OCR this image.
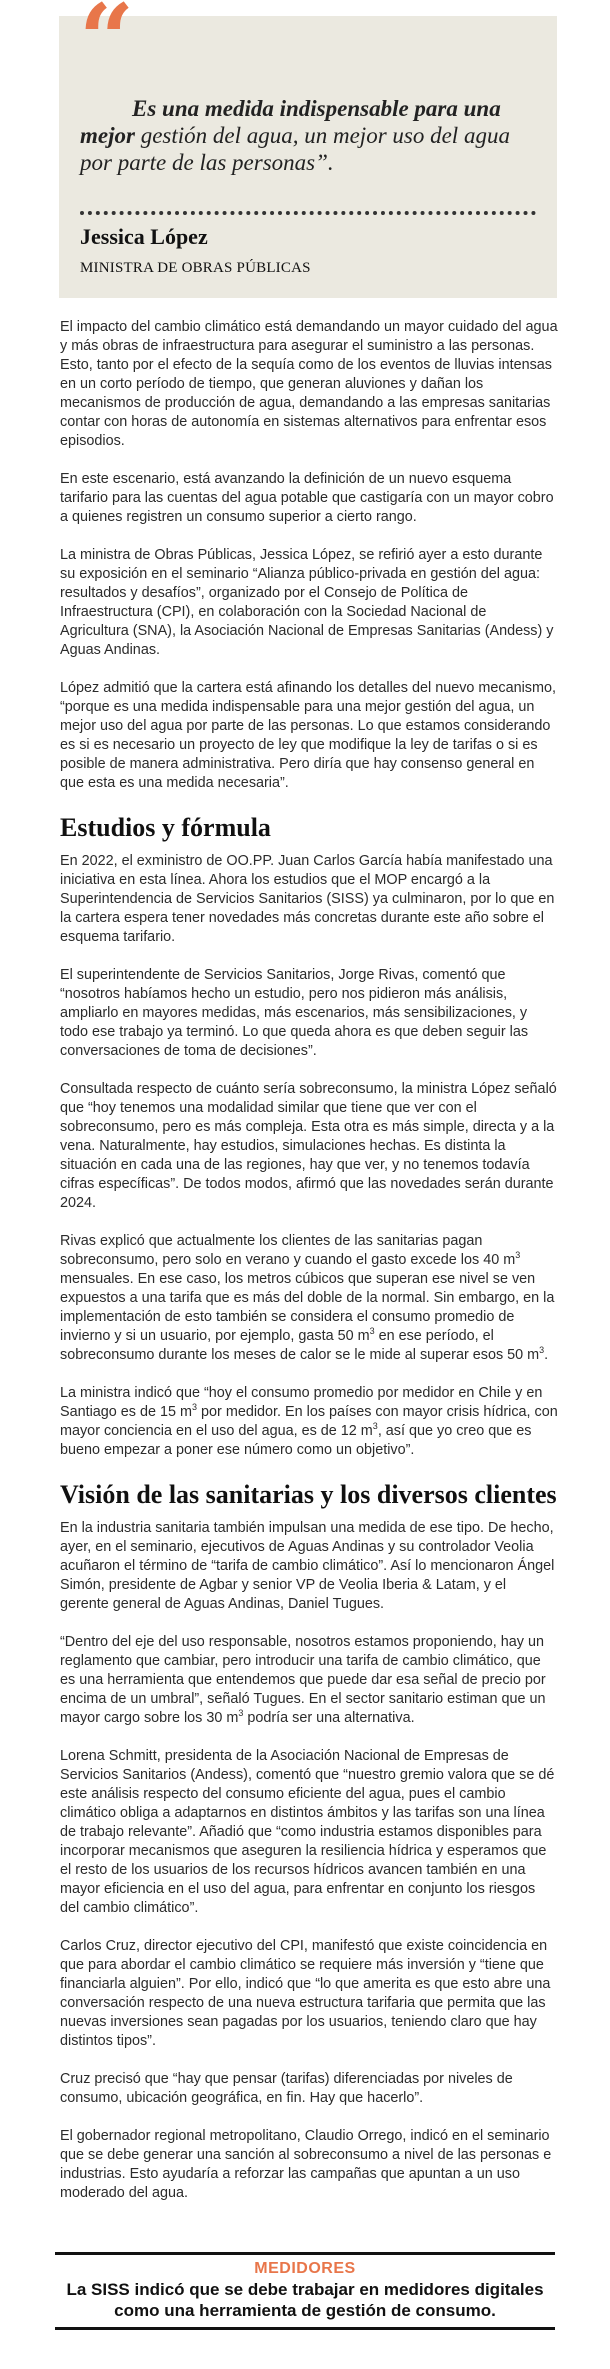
“
Es una medida indispensable para una mejor gestión del agua, un mejor uso del agua por parte de las personas”.
Jessica López
MINISTRA DE OBRAS PÚBLICAS

El impacto del cambio climático está demandando un mayor cuidado del agua y más obras de infraestructura para asegurar el suministro a las personas. Esto, tanto por el efecto de la sequía como de los eventos de lluvias intensas en un corto período de tiempo, que generan aluviones y dañan los mecanismos de producción de agua, demandando a las empresas sanitarias contar con horas de autonomía en sistemas alternativos para enfrentar esos episodios.

En este escenario, está avanzando la definición de un nuevo esquema tarifario para las cuentas del agua potable que castigaría con un mayor cobro a quienes registren un consumo superior a cierto rango.

La ministra de Obras Públicas, Jessica López, se refirió ayer a esto durante su exposición en el seminario “Alianza público-privada en gestión del agua: resultados y desafíos”, organizado por el Consejo de Política de Infraestructura (CPI), en colaboración con la Sociedad Nacional de Agricultura (SNA), la Asociación Nacional de Empresas Sanitarias (Andess) y Aguas Andinas.

López admitió que la cartera está afinando los detalles del nuevo mecanismo, “porque es una medida indispensable para una mejor gestión del agua, un mejor uso del agua por parte de las personas. Lo que estamos considerando es si es necesario un proyecto de ley que modifique la ley de tarifas o si es posible de manera administrativa. Pero diría que hay consenso general en que esta es una medida necesaria”.

Estudios y fórmula

En 2022, el exministro de OO.PP. Juan Carlos García había manifestado una iniciativa en esta línea. Ahora los estudios que el MOP encargó a la Superintendencia de Servicios Sanitarios (SISS) ya culminaron, por lo que en la cartera espera tener novedades más concretas durante este año sobre el esquema tarifario.

El superintendente de Servicios Sanitarios, Jorge Rivas, comentó que “nosotros habíamos hecho un estudio, pero nos pidieron más análisis, ampliarlo en mayores medidas, más escenarios, más sensibilizaciones, y todo ese trabajo ya terminó. Lo que queda ahora es que deben seguir las conversaciones de toma de decisiones”.

Consultada respecto de cuánto sería sobreconsumo, la ministra López señaló que “hoy tenemos una modalidad similar que tiene que ver con el sobreconsumo, pero es más compleja. Esta otra es más simple, directa y a la vena. Naturalmente, hay estudios, simulaciones hechas. Es distinta la situación en cada una de las regiones, hay que ver, y no tenemos todavía cifras específicas”. De todos modos, afirmó que las novedades serán durante 2024.

Rivas explicó que actualmente los clientes de las sanitarias pagan sobreconsumo, pero solo en verano y cuando el gasto excede los 40 $m^3$ mensuales. En ese caso, los metros cúbicos que superan ese nivel se ven expuestos a una tarifa que es más del doble de la normal. Sin embargo, en la implementación de esto también se considera el consumo promedio de invierno y si un usuario, por ejemplo, gasta 50 $m^3$ en ese período, el sobreconsumo durante los meses de calor se le mide al superar esos 50 $m^3$.

La ministra indicó que “hoy el consumo promedio por medidor en Chile y en Santiago es de 15 $m^3$ por medidor. En los países con mayor crisis hídrica, con mayor conciencia en el uso del agua, es de 12 $m^3$, así que yo creo que es bueno empezar a poner ese número como un objetivo”.

Visión de las sanitarias y los diversos clientes

En la industria sanitaria también impulsan una medida de ese tipo. De hecho, ayer, en el seminario, ejecutivos de Aguas Andinas y su controlador Veolia acuñaron el término de “tarifa de cambio climático”. Así lo mencionaron Ángel Simón, presidente de Agbar y senior VP de Veolia Iberia & Latam, y el gerente general de Aguas Andinas, Daniel Tugues.

“Dentro del eje del uso responsable, nosotros estamos proponiendo, hay un reglamento que cambiar, pero introducir una tarifa de cambio climático, que es una herramienta que entendemos que puede dar esa señal de precio por encima de un umbral”, señaló Tugues. En el sector sanitario estiman que un mayor cargo sobre los 30 $m^3$ podría ser una alternativa.

Lorena Schmitt, presidenta de la Asociación Nacional de Empresas de Servicios Sanitarios (Andess), comentó que “nuestro gremio valora que se dé este análisis respecto del consumo eficiente del agua, pues el cambio climático obliga a adaptarnos en distintos ámbitos y las tarifas son una línea de trabajo relevante”. Añadió que “como industria estamos disponibles para incorporar mecanismos que aseguren la resiliencia hídrica y esperamos que el resto de los usuarios de los recursos hídricos avancen también en una mayor eficiencia en el uso del agua, para enfrentar en conjunto los riesgos del cambio climático”.

Carlos Cruz, director ejecutivo del CPI, manifestó que existe coincidencia en que para abordar el cambio climático se requiere más inversión y “tiene que financiarla alguien”. Por ello, indicó que “lo que amerita es que esto abre una conversación respecto de una nueva estructura tarifaria que permita que las nuevas inversiones sean pagadas por los usuarios, teniendo claro que hay distintos tipos”.

Cruz precisó que “hay que pensar (tarifas) diferenciadas por niveles de consumo, ubicación geográfica, en fin. Hay que hacerlo”.

El gobernador regional metropolitano, Claudio Orrego, indicó en el seminario que se debe generar una sanción al sobreconsumo a nivel de las personas e industrias. Esto ayudaría a reforzar las campañas que apuntan a un uso moderado del agua.

MEDIDORES
La SISS indicó que se debe trabajar en medidores digitales como una herramienta de gestión de consumo.
